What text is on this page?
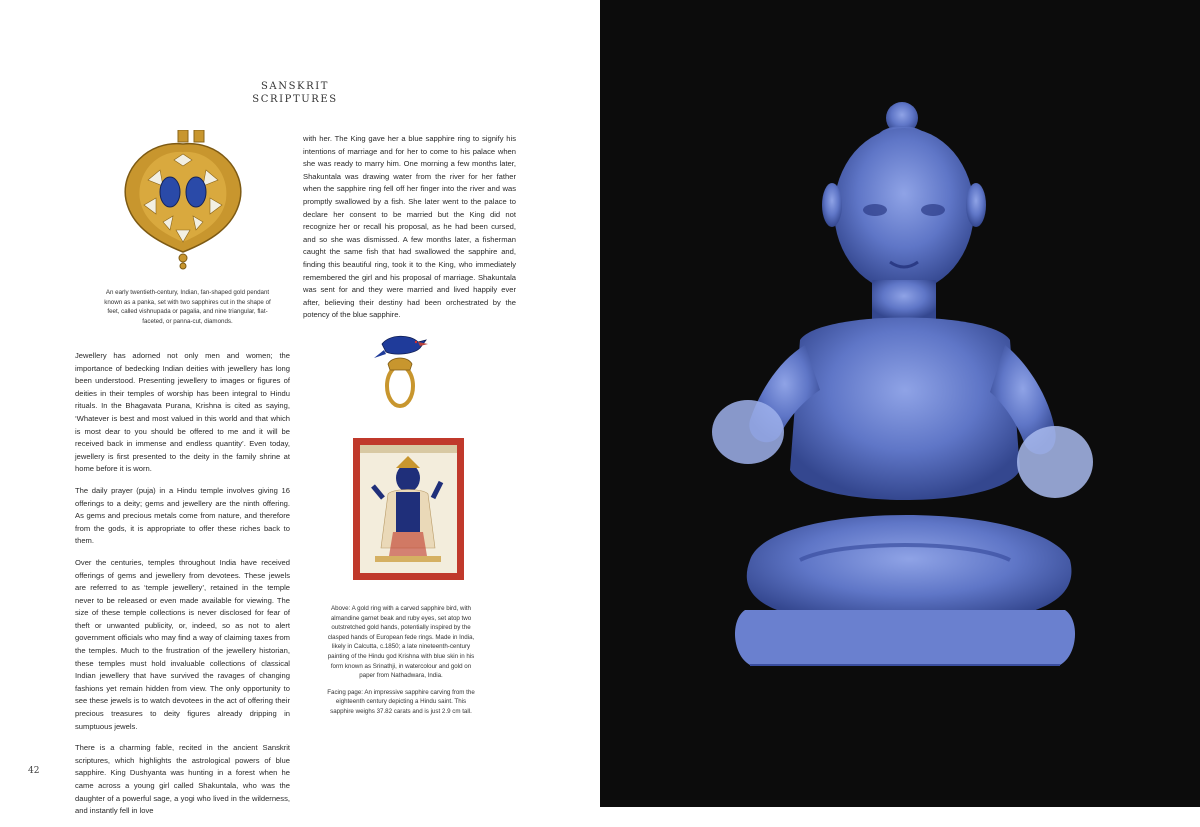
SANSKRIT
SCRIPTURES

An early twentieth-century, Indian, fan-shaped gold pendant known as a panka, set with two sapphires cut in the shape of feet, called vishnupada or pagalia, and nine triangular, flat-faceted, or panna-cut, diamonds.

Jewellery has adorned not only men and women; the importance of bedecking Indian deities with jewellery has long been understood. Presenting jewellery to images or figures of deities in their temples of worship has been integral to Hindu rituals. In the Bhagavata Purana, Krishna is cited as saying, ‘Whatever is best and most valued in this world and that which is most dear to you should be offered to me and it will be received back in immense and endless quantity’. Even today, jewellery is first presented to the deity in the family shrine at home before it is worn.

The daily prayer (puja) in a Hindu temple involves giving 16 offerings to a deity; gems and jewellery are the ninth offering. As gems and precious metals come from nature, and therefore from the gods, it is appropriate to offer these riches back to them.

Over the centuries, temples throughout India have received offerings of gems and jewellery from devotees. These jewels are referred to as ‘temple jewellery’, retained in the temple never to be released or even made available for viewing. The size of these temple collections is never disclosed for fear of theft or unwanted publicity, or, indeed, so as not to alert government officials who may find a way of claiming taxes from the temples. Much to the frustration of the jewellery historian, these temples must hold invaluable collections of classical Indian jewellery that have survived the ravages of changing fashions yet remain hidden from view. The only opportunity to see these jewels is to watch devotees in the act of offering their precious treasures to deity figures already dripping in sumptuous jewels.

There is a charming fable, recited in the ancient Sanskrit scriptures, which highlights the astrological powers of blue sapphire. King Dushyanta was hunting in a forest when he came across a young girl called Shakuntala, who was the daughter of a powerful sage, a yogi who lived in the wilderness, and instantly fell in love

with her. The King gave her a blue sapphire ring to signify his intentions of marriage and for her to come to his palace when she was ready to marry him. One morning a few months later, Shakuntala was drawing water from the river for her father when the sapphire ring fell off her finger into the river and was promptly swallowed by a fish. She later went to the palace to declare her consent to be married but the King did not recognize her or recall his proposal, as he had been cursed, and so she was dismissed. A few months later, a fisherman caught the same fish that had swallowed the sapphire and, finding this beautiful ring, took it to the King, who immediately remembered the girl and his proposal of marriage. Shakuntala was sent for and they were married and lived happily ever after, believing their destiny had been orchestrated by the potency of the blue sapphire.

Above: A gold ring with a carved sapphire bird, with almandine garnet beak and ruby eyes, set atop two outstretched gold hands, potentially inspired by the clasped hands of European fede rings. Made in India, likely in Calcutta, c.1850; a late nineteenth-century painting of the Hindu god Krishna with blue skin in his form known as Srinathji, in watercolour and gold on paper from Nathadwara, India.

Facing page: An impressive sapphire carving from the eighteenth century depicting a Hindu saint. This sapphire weighs 37.82 carats and is just 2.9 cm tall.

42
